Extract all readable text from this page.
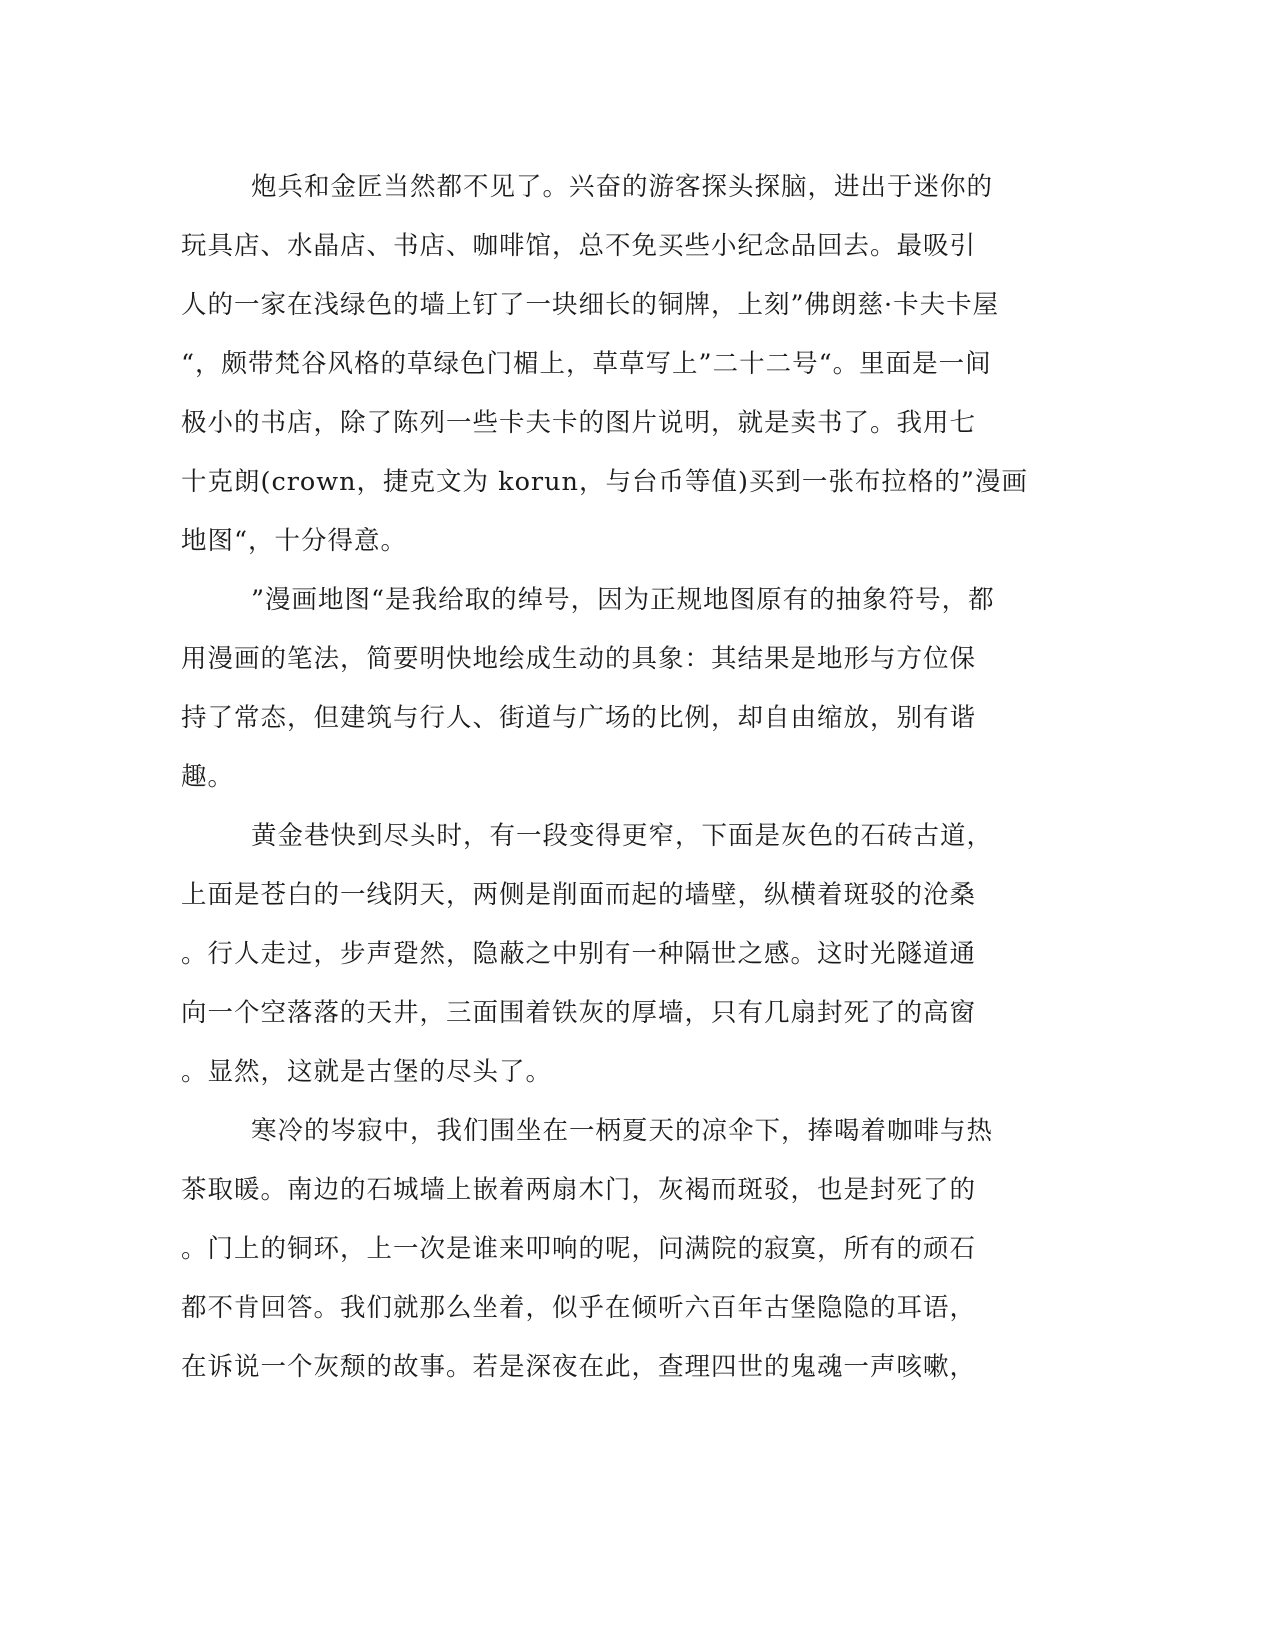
炮兵和金匠当然都不见了。兴奋的游客探头探脑，进出于迷你的
玩具店、水晶店、书店、咖啡馆，总不免买些小纪念品回去。最吸引
人的一家在浅绿色的墙上钉了一块细长的铜牌，上刻”佛朗慈·卡夫卡屋
“，颇带梵谷风格的草绿色门楣上，草草写上”二十二号“。里面是一间
极小的书店，除了陈列一些卡夫卡的图片说明，就是卖书了。我用七
十克朗(crown，捷克文为 korun，与台币等值)买到一张布拉格的”漫画
地图“，十分得意。
”漫画地图“是我给取的绰号，因为正规地图原有的抽象符号，都
用漫画的笔法，简要明快地绘成生动的具象：其结果是地形与方位保
持了常态，但建筑与行人、街道与广场的比例，却自由缩放，别有谐
趣。
黄金巷快到尽头时，有一段变得更窄，下面是灰色的石砖古道，
上面是苍白的一线阴天，两侧是削面而起的墙壁，纵横着斑驳的沧桑
。行人走过，步声跫然，隐蔽之中别有一种隔世之感。这时光隧道通
向一个空落落的天井，三面围着铁灰的厚墙，只有几扇封死了的高窗
。显然，这就是古堡的尽头了。
寒冷的岑寂中，我们围坐在一柄夏天的凉伞下，捧喝着咖啡与热
茶取暖。南边的石城墙上嵌着两扇木门，灰褐而斑驳，也是封死了的
。门上的铜环，上一次是谁来叩响的呢，问满院的寂寞，所有的顽石
都不肯回答。我们就那么坐着，似乎在倾听六百年古堡隐隐的耳语，
在诉说一个灰颓的故事。若是深夜在此，查理四世的鬼魂一声咳嗽，
